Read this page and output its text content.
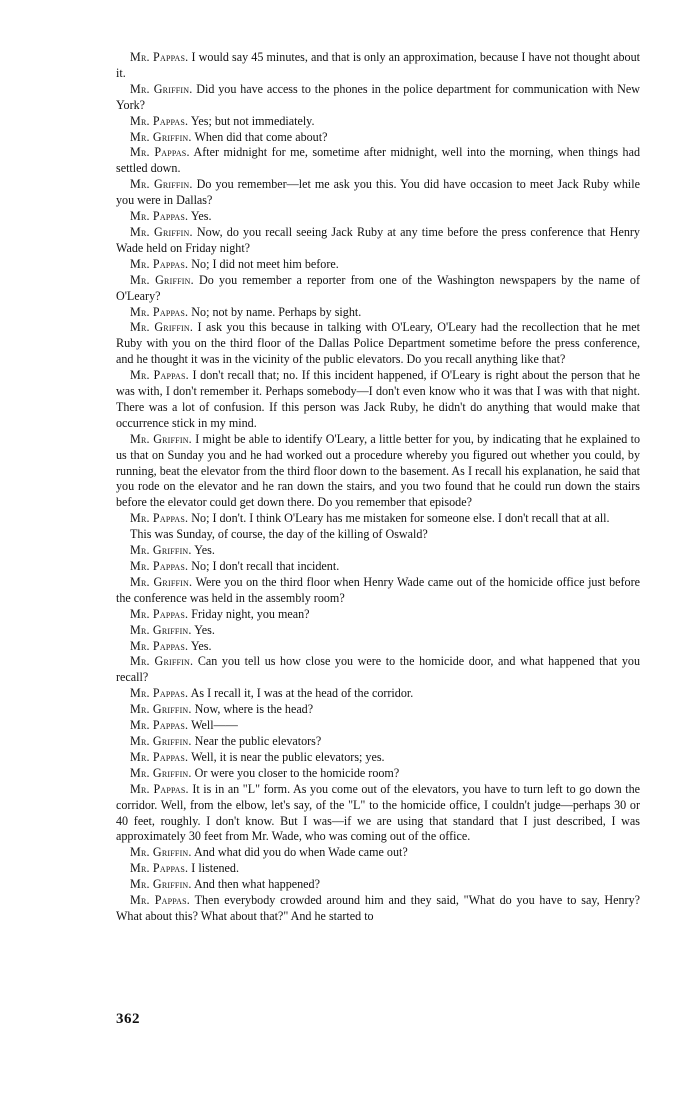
Mr. Pappas. I would say 45 minutes, and that is only an approximation, because I have not thought about it.

Mr. Griffin. Did you have access to the phones in the police department for communication with New York?

Mr. Pappas. Yes; but not immediately.

Mr. Griffin. When did that come about?

Mr. Pappas. After midnight for me, sometime after midnight, well into the morning, when things had settled down.

Mr. Griffin. Do you remember—let me ask you this. You did have occasion to meet Jack Ruby while you were in Dallas?

Mr. Pappas. Yes.

Mr. Griffin. Now, do you recall seeing Jack Ruby at any time before the press conference that Henry Wade held on Friday night?

Mr. Pappas. No; I did not meet him before.

Mr. Griffin. Do you remember a reporter from one of the Washington newspapers by the name of O'Leary?

Mr. Pappas. No; not by name. Perhaps by sight.

Mr. Griffin. I ask you this because in talking with O'Leary, O'Leary had the recollection that he met Ruby with you on the third floor of the Dallas Police Department sometime before the press conference, and he thought it was in the vicinity of the public elevators. Do you recall anything like that?

Mr. Pappas. I don't recall that; no. If this incident happened, if O'Leary is right about the person that he was with, I don't remember it. Perhaps somebody—I don't even know who it was that I was with that night. There was a lot of confusion. If this person was Jack Ruby, he didn't do anything that would make that occurrence stick in my mind.

Mr. Griffin. I might be able to identify O'Leary, a little better for you, by indicating that he explained to us that on Sunday you and he had worked out a procedure whereby you figured out whether you could, by running, beat the elevator from the third floor down to the basement. As I recall his explanation, he said that you rode on the elevator and he ran down the stairs, and you two found that he could run down the stairs before the elevator could get down there. Do you remember that episode?

Mr. Pappas. No; I don't. I think O'Leary has me mistaken for someone else. I don't recall that at all.

This was Sunday, of course, the day of the killing of Oswald?

Mr. Griffin. Yes.

Mr. Pappas. No; I don't recall that incident.

Mr. Griffin. Were you on the third floor when Henry Wade came out of the homicide office just before the conference was held in the assembly room?

Mr. Pappas. Friday night, you mean?

Mr. Griffin. Yes.

Mr. Pappas. Yes.

Mr. Griffin. Can you tell us how close you were to the homicide door, and what happened that you recall?

Mr. Pappas. As I recall it, I was at the head of the corridor.

Mr. Griffin. Now, where is the head?

Mr. Pappas. Well——

Mr. Griffin. Near the public elevators?

Mr. Pappas. Well, it is near the public elevators; yes.

Mr. Griffin. Or were you closer to the homicide room?

Mr. Pappas. It is in an "L" form. As you come out of the elevators, you have to turn left to go down the corridor. Well, from the elbow, let's say, of the "L" to the homicide office, I couldn't judge—perhaps 30 or 40 feet, roughly. I don't know. But I was—if we are using that standard that I just described, I was approximately 30 feet from Mr. Wade, who was coming out of the office.

Mr. Griffin. And what did you do when Wade came out?

Mr. Pappas. I listened.

Mr. Griffin. And then what happened?

Mr. Pappas. Then everybody crowded around him and they said, "What do you have to say, Henry? What about this? What about that?" And he started to

362
